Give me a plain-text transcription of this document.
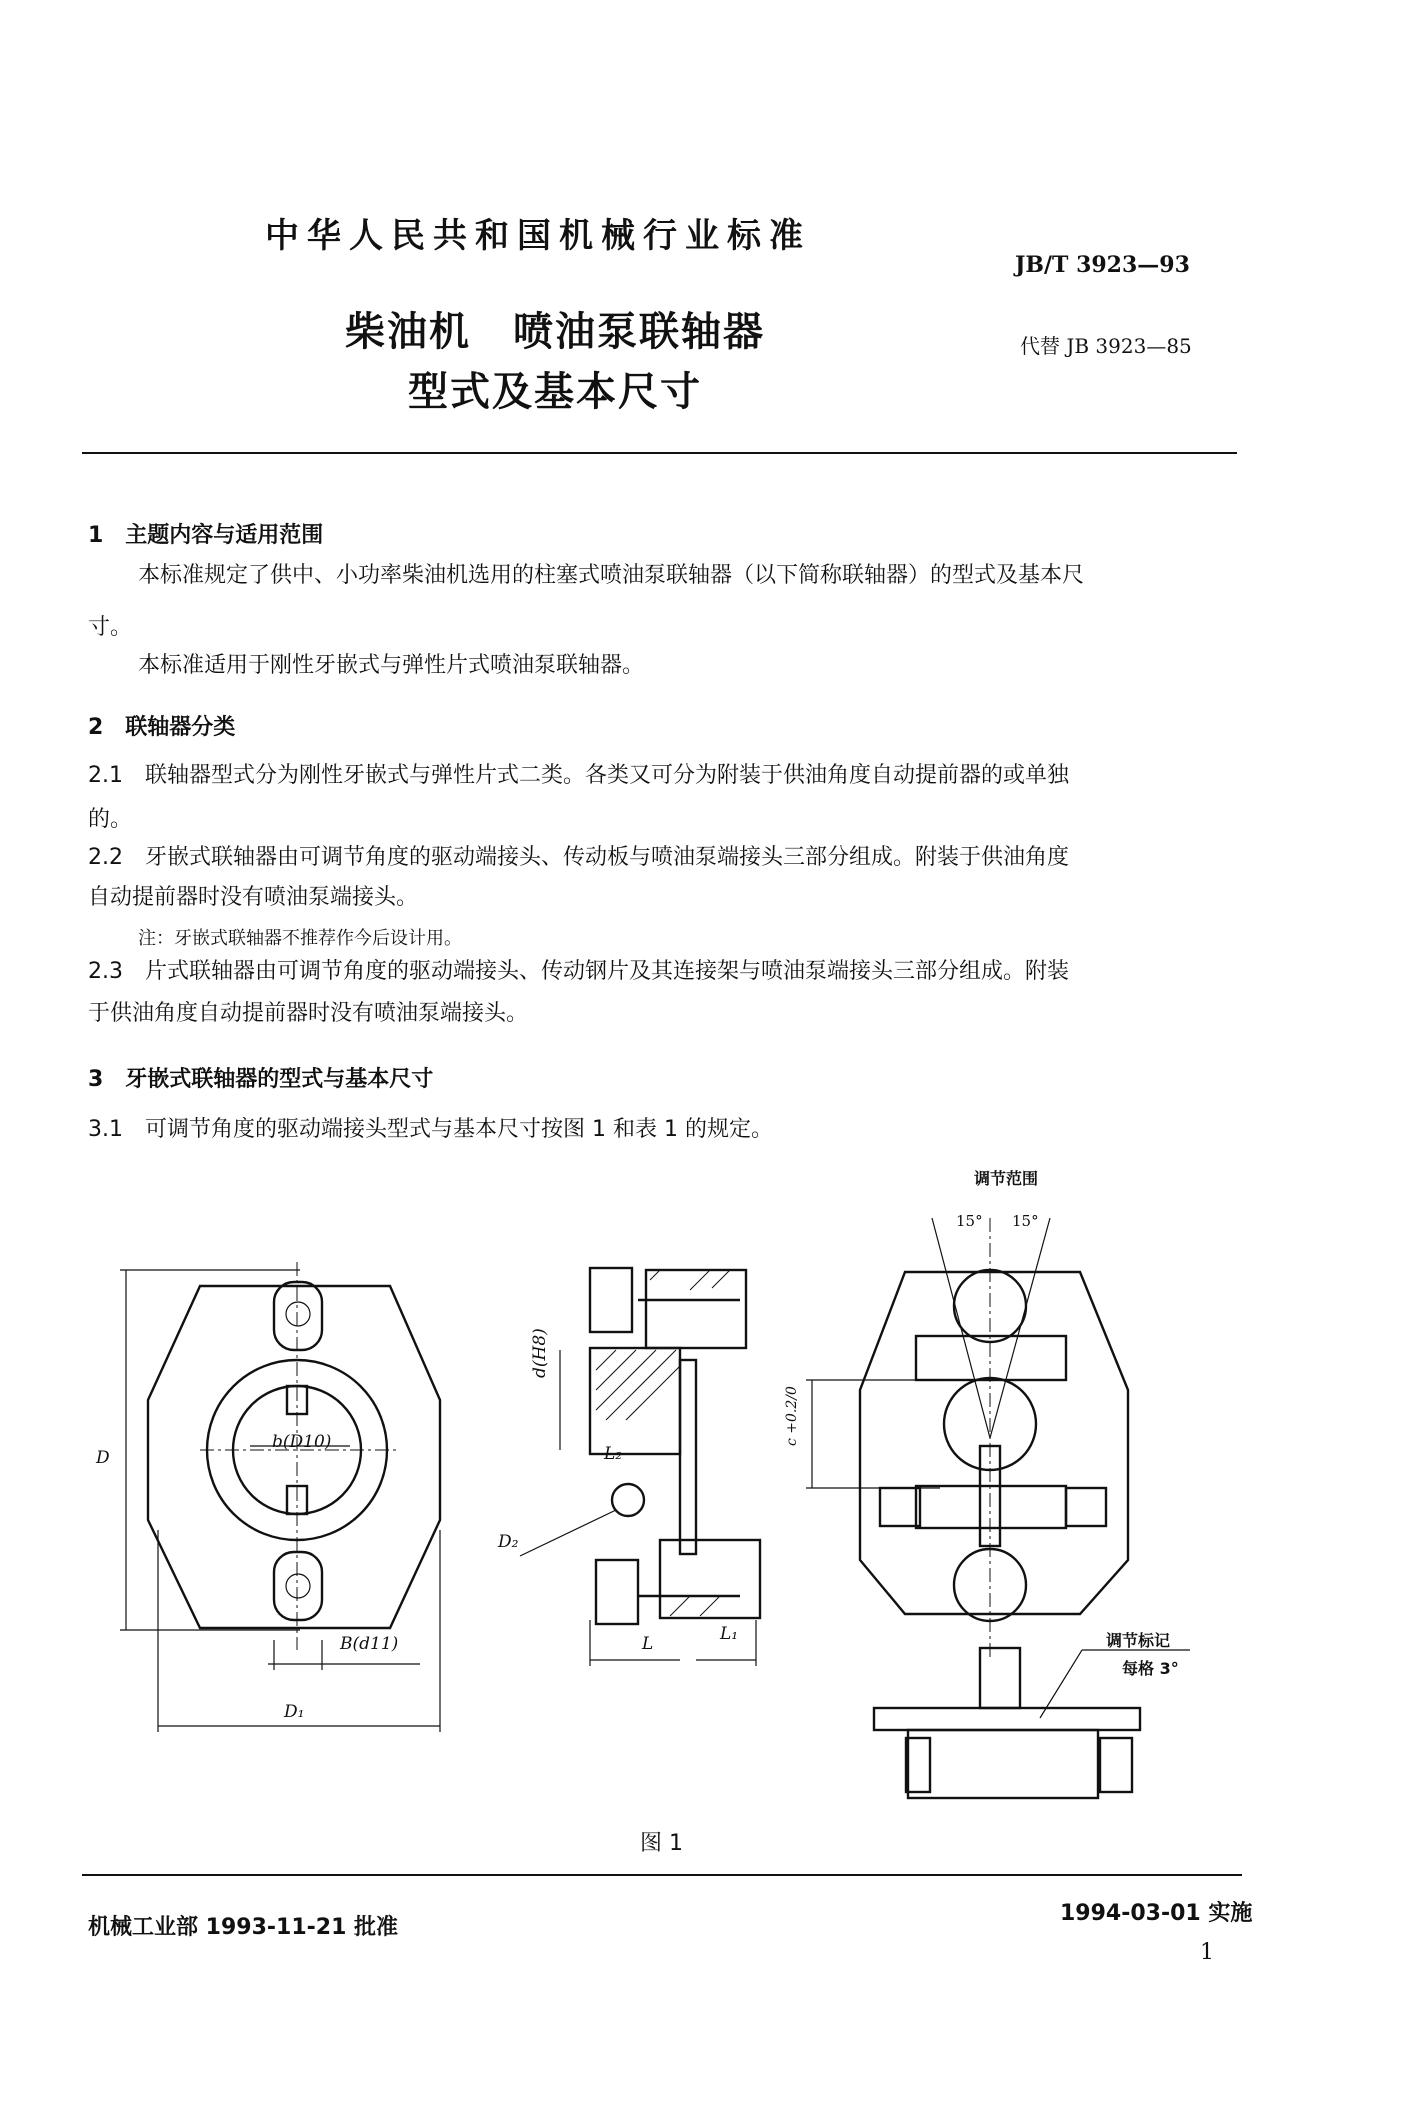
中华人民共和国机械行业标准
JB/T 3923—93
柴油机　喷油泵联轴器
型式及基本尺寸
代替 JB 3923—85
1　主题内容与适用范围
本标准规定了供中、小功率柴油机选用的柱塞式喷油泵联轴器（以下简称联轴器）的型式及基本尺
寸。
本标准适用于刚性牙嵌式与弹性片式喷油泵联轴器。
2　联轴器分类
2.1　联轴器型式分为刚性牙嵌式与弹性片式二类。各类又可分为附装于供油角度自动提前器的或单独
的。
2.2　牙嵌式联轴器由可调节角度的驱动端接头、传动板与喷油泵端接头三部分组成。附装于供油角度
自动提前器时没有喷油泵端接头。
注：牙嵌式联轴器不推荐作今后设计用。
2.3　片式联轴器由可调节角度的驱动端接头、传动钢片及其连接架与喷油泵端接头三部分组成。附装
于供油角度自动提前器时没有喷油泵端接头。
3　牙嵌式联轴器的型式与基本尺寸
3.1　可调节角度的驱动端接头型式与基本尺寸按图 1 和表 1 的规定。
D
b(D10)
B(d11)
D₁
d(H8)
L₂
D₂
L	L₁
c +0.2/0
调节范围
15° 15°
调节标记
每格 3°
图 1
机械工业部 1993-11-21 批准
1994-03-01 实施
1
